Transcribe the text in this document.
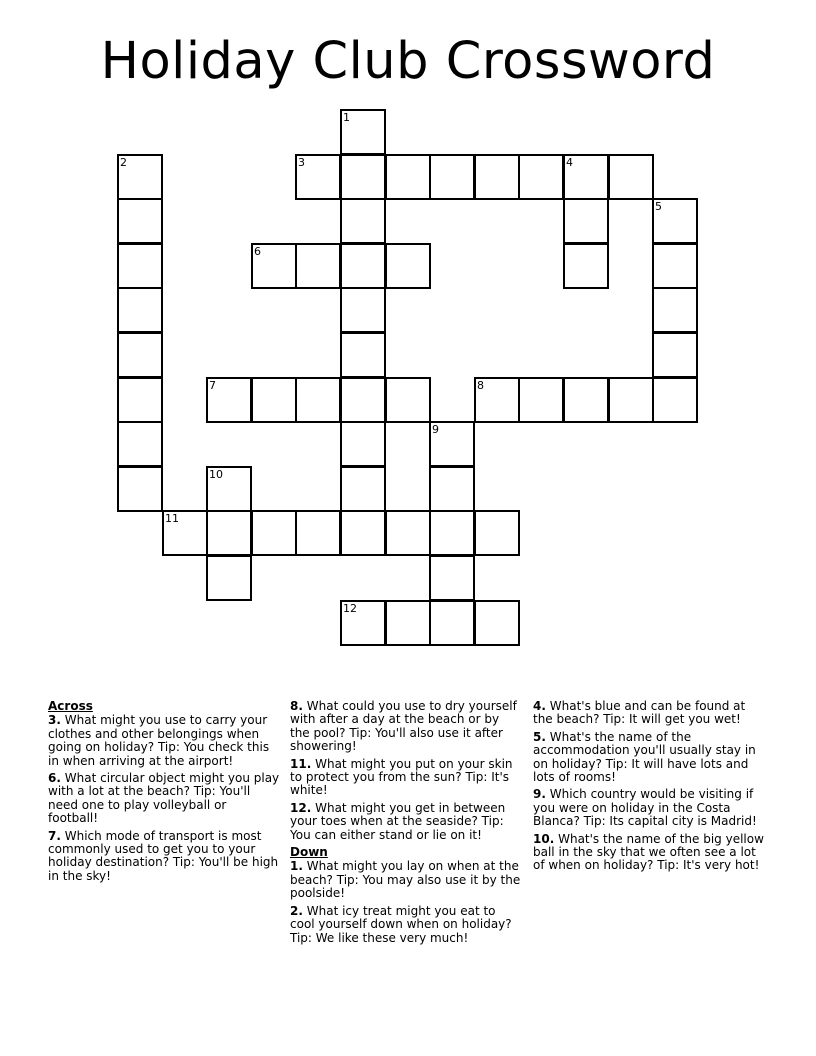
Holiday Club Crossword
1
2	3	4
5
6
7	8
9
10
11
12
Across
3. What might you use to carry your clothes and other belongings when going on holiday? Tip: You check this in when arriving at the airport!
6. What circular object might you play with a lot at the beach? Tip: You'll need one to play volleyball or football!
7. Which mode of transport is most commonly used to get you to your holiday destination? Tip: You'll be high in the sky!
8. What could you use to dry yourself with after a day at the beach or by the pool? Tip: You'll also use it after showering!
11. What might you put on your skin to protect you from the sun? Tip: It's white!
12. What might you get in between your toes when at the seaside? Tip: You can either stand or lie on it!
Down
1. What might you lay on when at the beach? Tip: You may also use it by the poolside!
2. What icy treat might you eat to cool yourself down when on holiday? Tip: We like these very much!
4. What's blue and can be found at the beach? Tip: It will get you wet!
5. What's the name of the accommodation you'll usually stay in on holiday? Tip: It will have lots and lots of rooms!
9. Which country would be visiting if you were on holiday in the Costa Blanca? Tip: Its capital city is Madrid!
10. What's the name of the big yellow ball in the sky that we often see a lot of when on holiday? Tip: It's very hot!
